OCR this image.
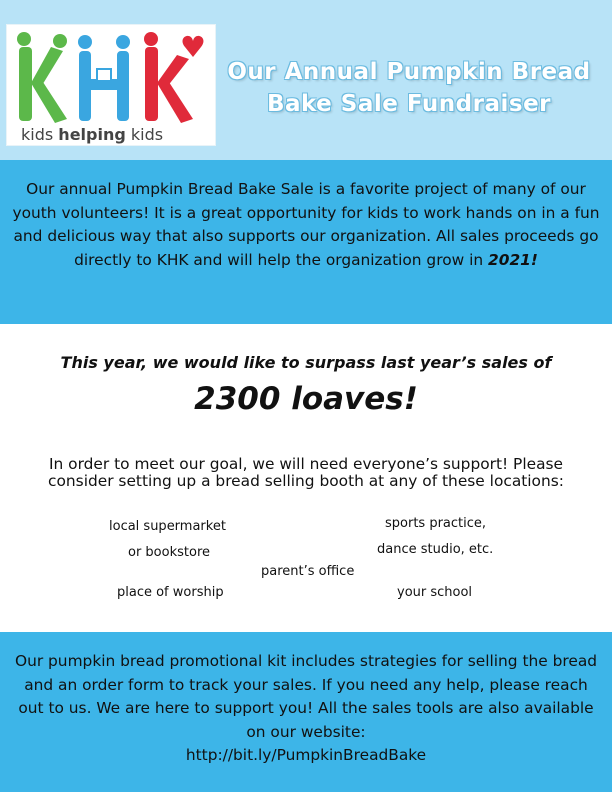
kids helping kids
Our Annual Pumpkin Bread
Bake Sale Fundraiser

Our annual Pumpkin Bread Bake Sale is a favorite project of many of our youth volunteers! It is a great opportunity for kids to work hands on in a fun and delicious way that also supports our organization. All sales proceeds go directly to KHK and will help the organization grow in 2021!

This year, we would like to surpass last year’s sales of
2300 loaves!
In order to meet our goal, we will need everyone’s support! Please consider setting up a bread selling booth at any of these locations:
local supermarket
or bookstore
parent’s office
place of worship
sports practice,
dance studio, etc.
your school

Our pumpkin bread promotional kit includes strategies for selling the bread and an order form to track your sales. If you need any help, please reach out to us. We are here to support you! All the sales tools are also available on our website:
http://bit.ly/PumpkinBreadBake
